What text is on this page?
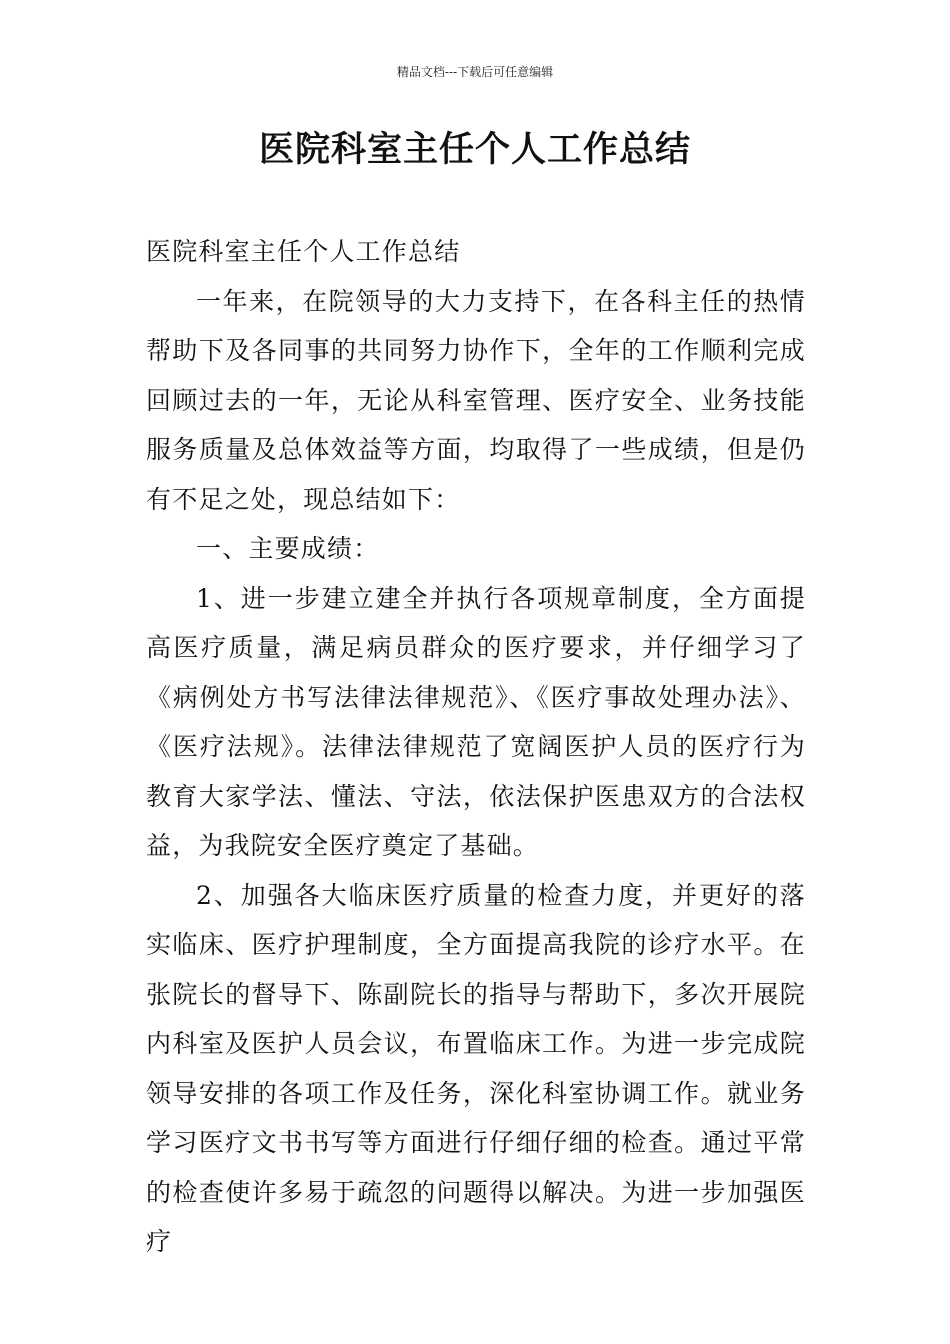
精品文档---下载后可任意编辑
医院科室主任个人工作总结

医院科室主任个人工作总结

一年来，在院领导的大力支持下，在各科主任的热情帮助下及各同事的共同努力协作下，全年的工作顺利完成回顾过去的一年，无论从科室管理、医疗安全、业务技能服务质量及总体效益等方面，均取得了一些成绩，但是仍有不足之处，现总结如下：

一、主要成绩：

1、进一步建立建全并执行各项规章制度，全方面提高医疗质量，满足病员群众的医疗要求，并仔细学习了《病例处方书写法律法律规范》、《医疗事故处理办法》、《医疗法规》。法律法律规范了宽阔医护人员的医疗行为教育大家学法、懂法、守法，依法保护医患双方的合法权益，为我院安全医疗奠定了基础。

2、加强各大临床医疗质量的检查力度，并更好的落实临床、医疗护理制度，全方面提高我院的诊疗水平。在张院长的督导下、陈副院长的指导与帮助下，多次开展院内科室及医护人员会议，布置临床工作。为进一步完成院领导安排的各项工作及任务，深化科室协调工作。就业务学习医疗文书书写等方面进行仔细仔细的检查。通过平常的检查使许多易于疏忽的问题得以解决。为进一步加强医疗
